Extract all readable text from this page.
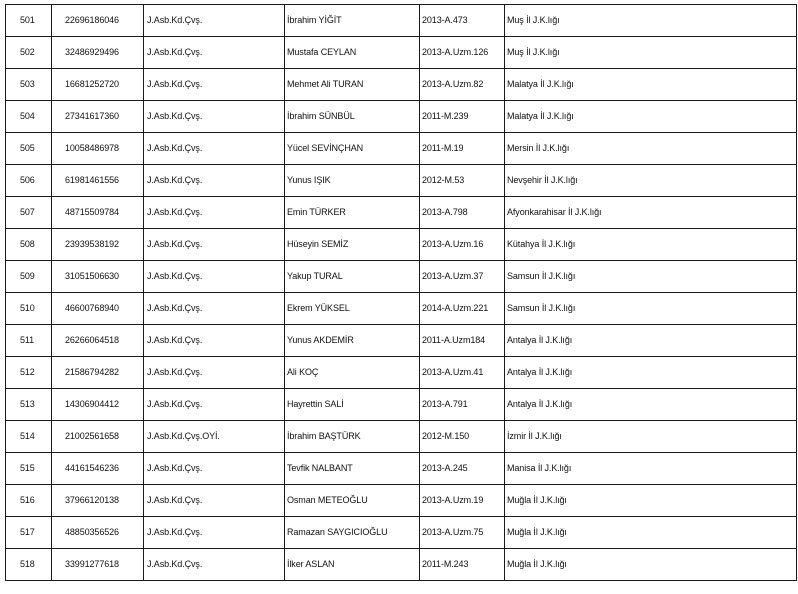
501	22696186046	J.Asb.Kd.Çvş.	İbrahim YİĞİT	2013-A.473	Muş İl J.K.lığı
502	32486929496	J.Asb.Kd.Çvş.	Mustafa CEYLAN	2013-A.Uzm.126	Muş İl J.K.lığı
503	16681252720	J.Asb.Kd.Çvş.	Mehmet Ali TURAN	2013-A.Uzm.82	Malatya İl J.K.lığı
504	27341617360	J.Asb.Kd.Çvş.	İbrahim SÜNBÜL	2011-M.239	Malatya İl J.K.lığı
505	10058486978	J.Asb.Kd.Çvş.	Yücel SEVİNÇHAN	2011-M.19	Mersin İl J.K.lığı
506	61981461556	J.Asb.Kd.Çvş.	Yunus IŞIK	2012-M.53	Nevşehir İl J.K.lığı
507	48715509784	J.Asb.Kd.Çvş.	Emin TÜRKER	2013-A.798	Afyonkarahisar İl J.K.lığı
508	23939538192	J.Asb.Kd.Çvş.	Hüseyin SEMİZ	2013-A.Uzm.16	Kütahya İl J.K.lığı
509	31051506630	J.Asb.Kd.Çvş.	Yakup TURAL	2013-A.Uzm.37	Samsun İl J.K.lığı
510	46600768940	J.Asb.Kd.Çvş.	Ekrem YÜKSEL	2014-A.Uzm.221	Samsun İl J.K.lığı
511	26266064518	J.Asb.Kd.Çvş.	Yunus AKDEMİR	2011-A.Uzm184	Antalya İl J.K.lığı
512	21586794282	J.Asb.Kd.Çvş.	Ali KOÇ	2013-A.Uzm.41	Antalya İl J.K.lığı
513	14306904412	J.Asb.Kd.Çvş.	Hayrettin SALİ	2013-A.791	Antalya İl J.K.lığı
514	21002561658	J.Asb.Kd.Çvş.OYİ.	İbrahim BAŞTÜRK	2012-M.150	İzmir İl J.K.lığı
515	44161546236	J.Asb.Kd.Çvş.	Tevfik NALBANT	2013-A.245	Manisa İl J.K.lığı
516	37966120138	J.Asb.Kd.Çvş.	Osman METEOĞLU	2013-A.Uzm.19	Muğla İl J.K.lığı
517	48850356526	J.Asb.Kd.Çvş.	Ramazan SAYGICIOĞLU	2013-A.Uzm.75	Muğla İl J.K.lığı
518	33991277618	J.Asb.Kd.Çvş.	İlker ASLAN	2011-M.243	Muğla İl J.K.lığı
